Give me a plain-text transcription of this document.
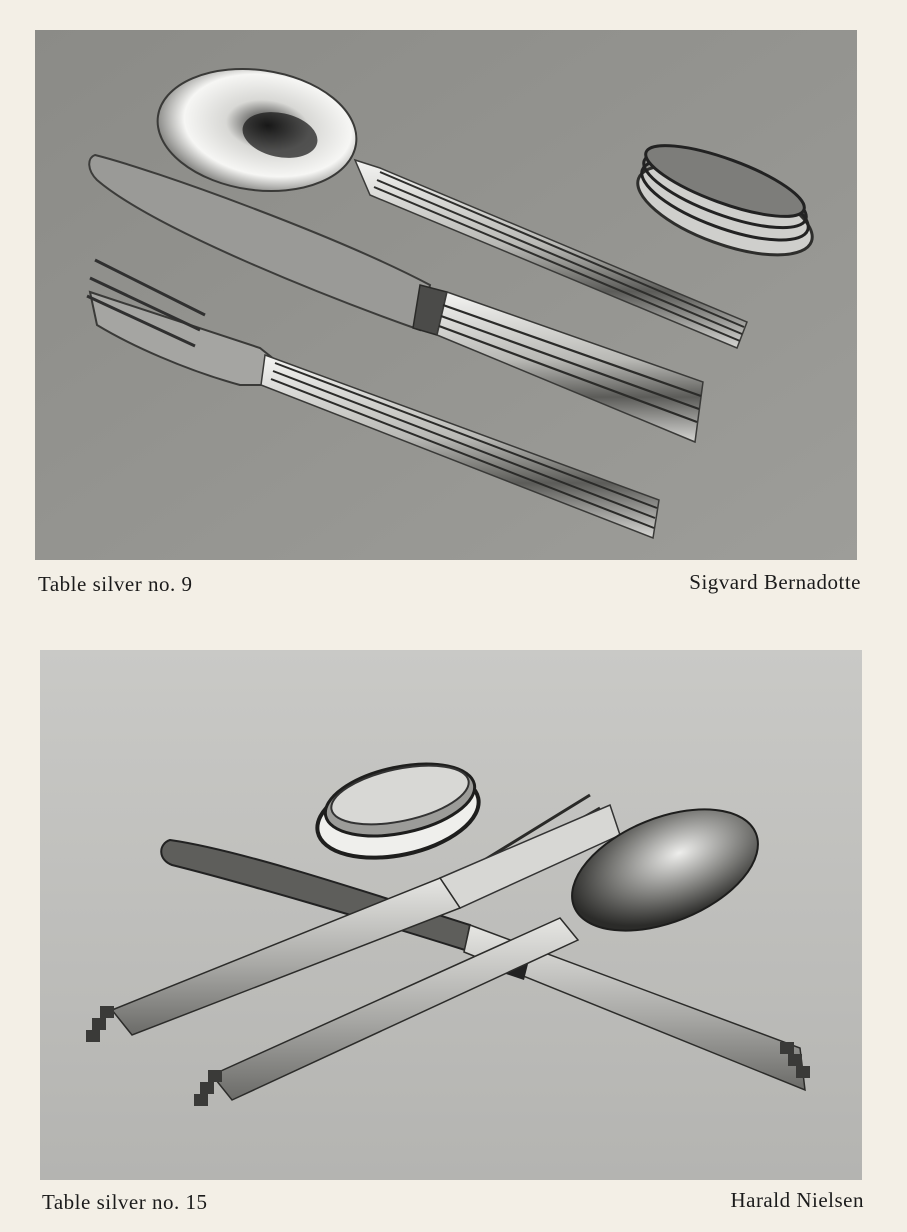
Table silver no. 9	Sigvard Bernadotte
Table silver no. 15	Harald Nielsen
